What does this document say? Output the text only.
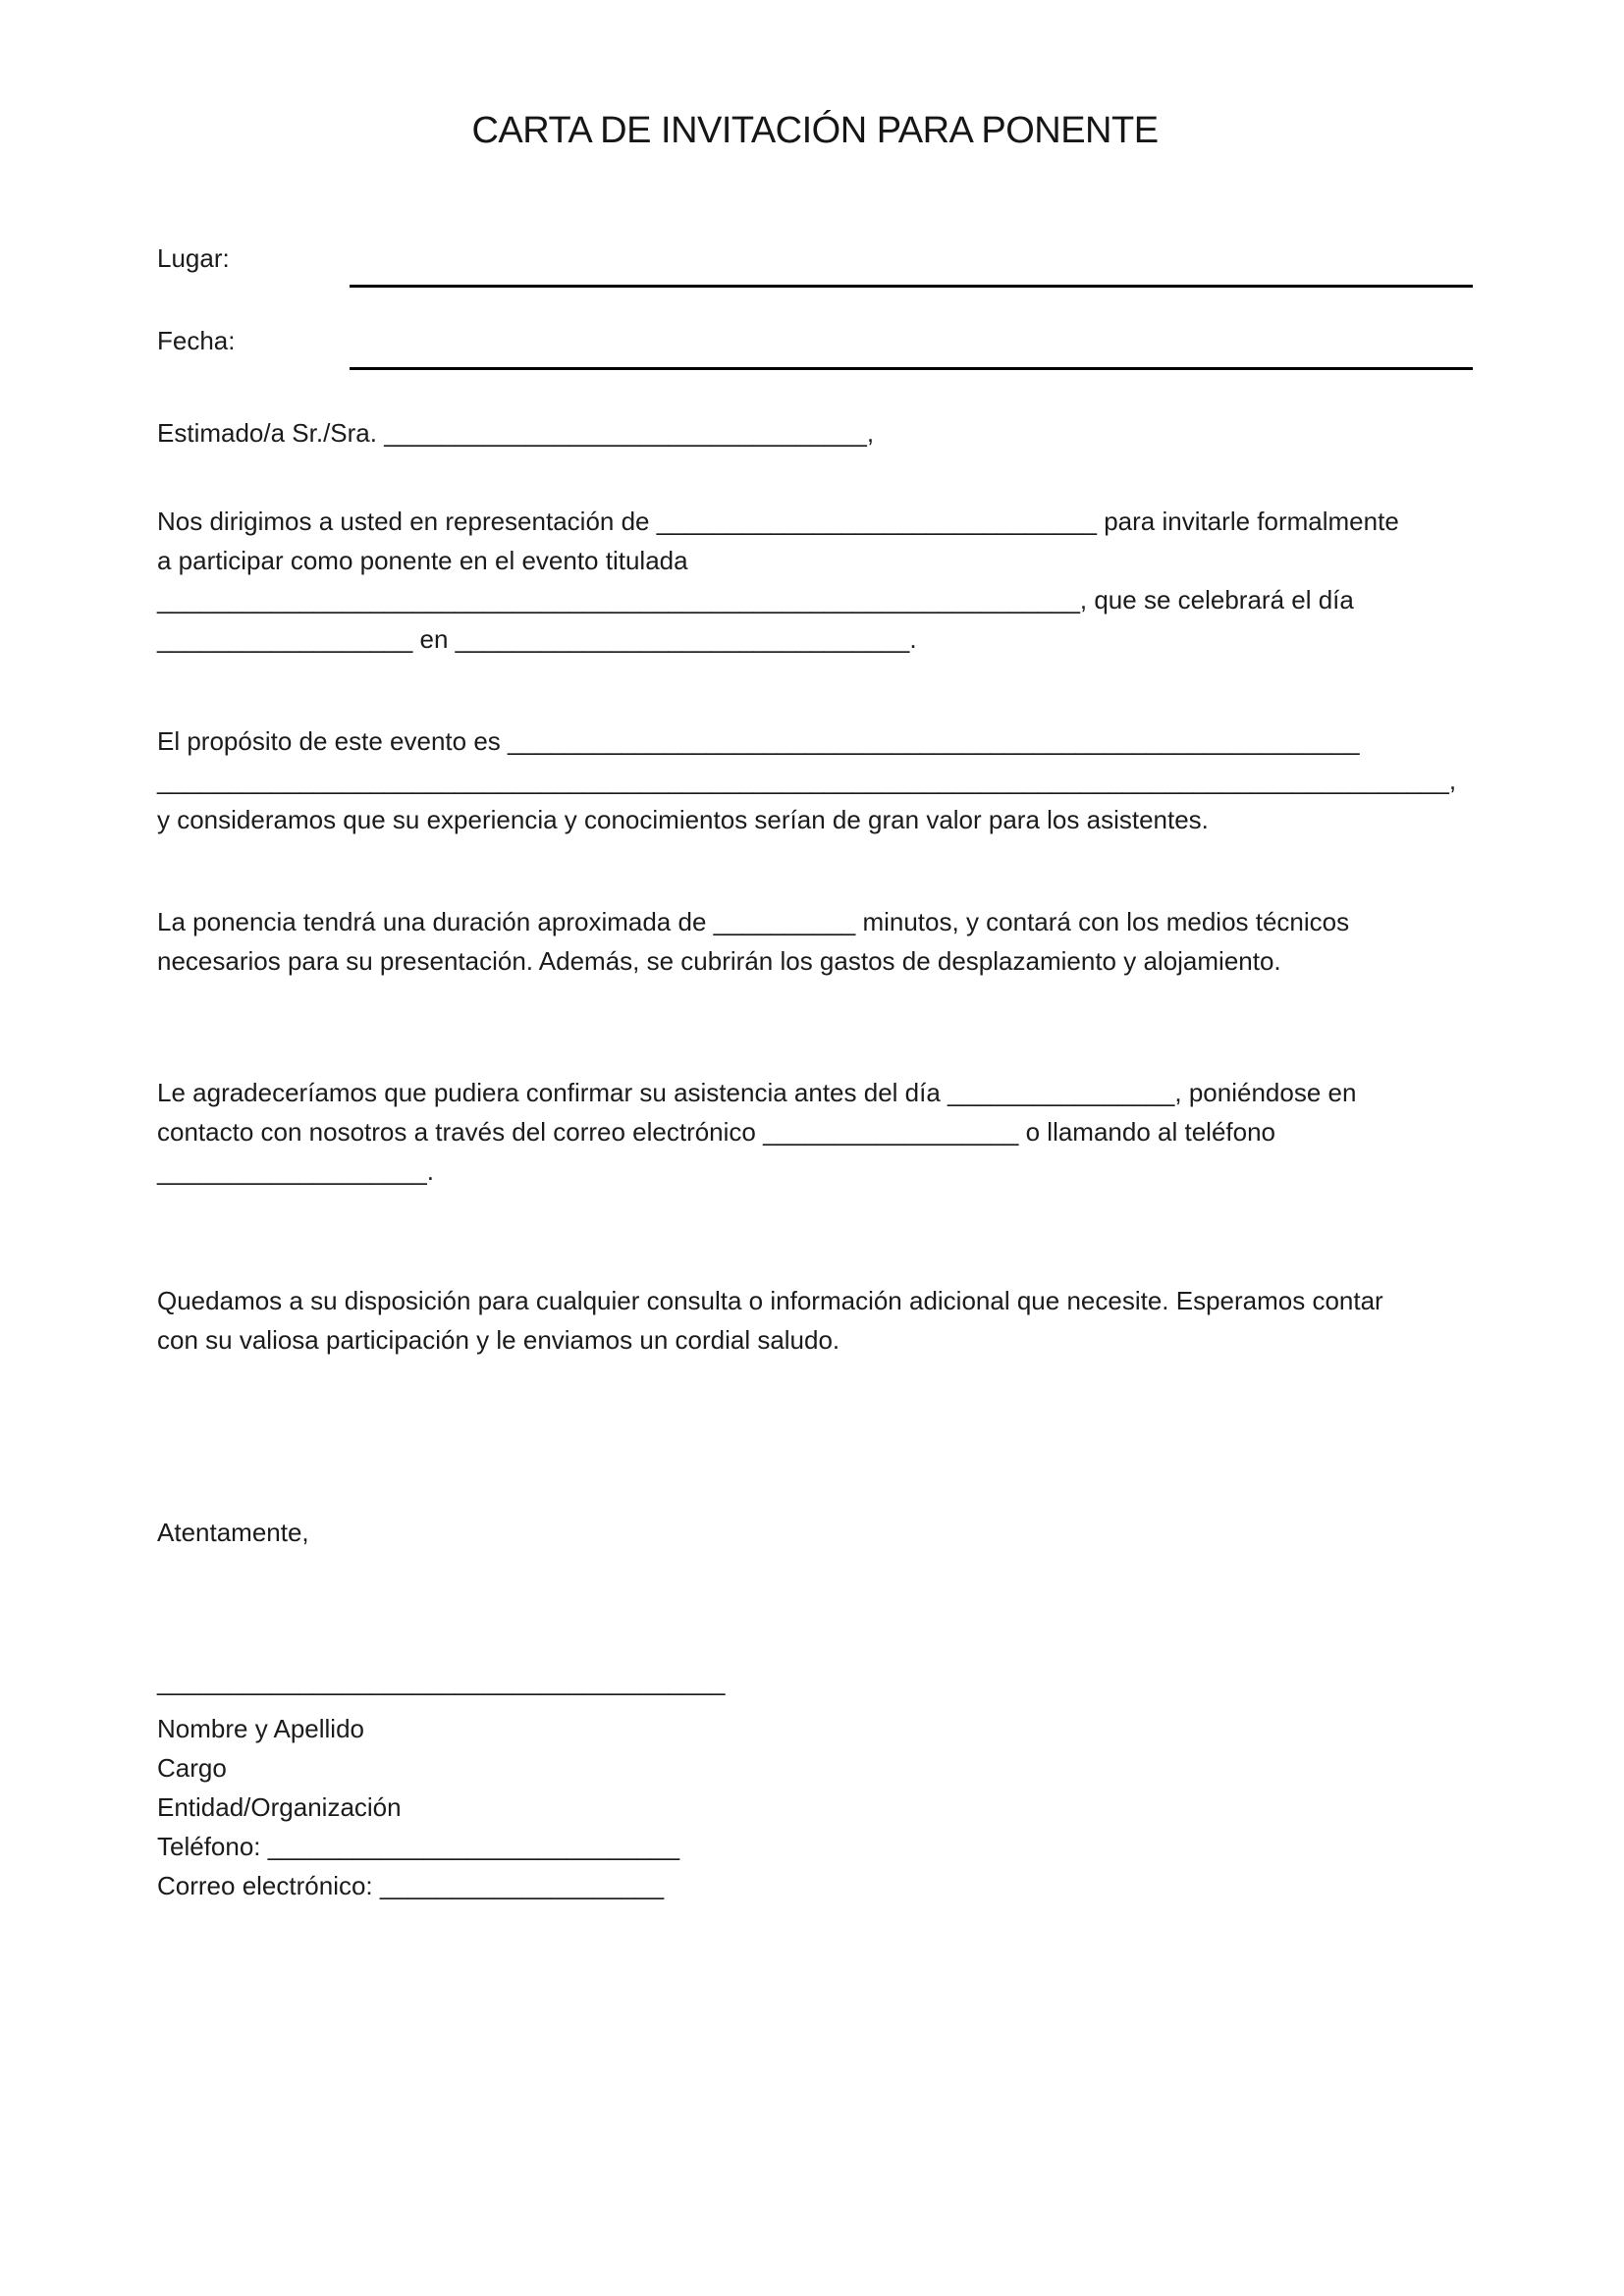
CARTA DE INVITACIÓN PARA PONENTE
Lugar:
Fecha:
Estimado/a Sr./Sra. __________________________________,
Nos dirigimos a usted en representación de _______________________________ para invitarle formalmente
a participar como ponente en el evento titulada
_________________________________________________________________, que se celebrará el día
__________________ en ________________________________.
El propósito de este evento es ____________________________________________________________
___________________________________________________________________________________________,
y consideramos que su experiencia y conocimientos serían de gran valor para los asistentes.
La ponencia tendrá una duración aproximada de __________ minutos, y contará con los medios técnicos
necesarios para su presentación. Además, se cubrirán los gastos de desplazamiento y alojamiento.
Le agradeceríamos que pudiera confirmar su asistencia antes del día ________________, poniéndose en
contacto con nosotros a través del correo electrónico __________________ o llamando al teléfono
___________________.
Quedamos a su disposición para cualquier consulta o información adicional que necesite. Esperamos contar
con su valiosa participación y le enviamos un cordial saludo.
Atentamente,
________________________________________
Nombre y Apellido
Cargo
Entidad/Organización
Teléfono: _____________________________
Correo electrónico: ____________________
